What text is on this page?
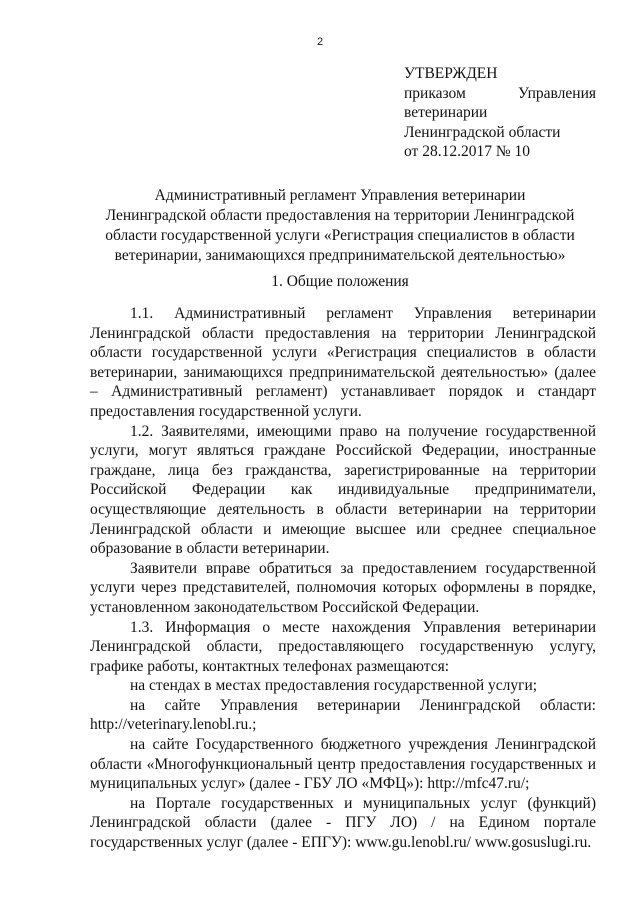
2
УТВЕРЖДЕН
приказом	Управления
ветеринарии
Ленинградской области
от 28.12.2017 № 10
Административный регламент Управления ветеринарии
Ленинградской области предоставления на территории Ленинградской
области государственной услуги «Регистрация специалистов в области
ветеринарии, занимающихся предпринимательской деятельностью»
1. Общие положения

1.1. Административный регламент Управления ветеринарии Ленинградской области предоставления на территории Ленинградской области государственной услуги «Регистрация специалистов в области ветеринарии, занимающихся предпринимательской деятельностью» (далее – Административный регламент) устанавливает порядок и стандарт предоставления государственной услуги.

1.2. Заявителями, имеющими право на получение государственной услуги, могут являться граждане Российской Федерации, иностранные граждане, лица без гражданства, зарегистрированные на территории Российской Федерации как индивидуальные предприниматели, осуществляющие деятельность в области ветеринарии на территории Ленинградской области и имеющие высшее или среднее специальное образование в области ветеринарии.

Заявители вправе обратиться за предоставлением государственной услуги через представителей, полномочия которых оформлены в порядке, установленном законодательством Российской Федерации.

1.3. Информация о месте нахождения Управления ветеринарии Ленинградской области, предоставляющего государственную услугу, графике работы, контактных телефонах размещаются:

на стендах в местах предоставления государственной услуги;

на сайте Управления ветеринарии Ленинградской области: http://veterinary.lenobl.ru.;

на сайте Государственного бюджетного учреждения Ленинградской области «Многофункциональный центр предоставления государственных и муниципальных услуг» (далее - ГБУ ЛО «МФЦ»): http://mfc47.ru/;

на Портале государственных и муниципальных услуг (функций) Ленинградской области (далее - ПГУ ЛО) / на Едином портале государственных услуг (далее - ЕПГУ): www.gu.lenobl.ru/ www.gosuslugi.ru.
